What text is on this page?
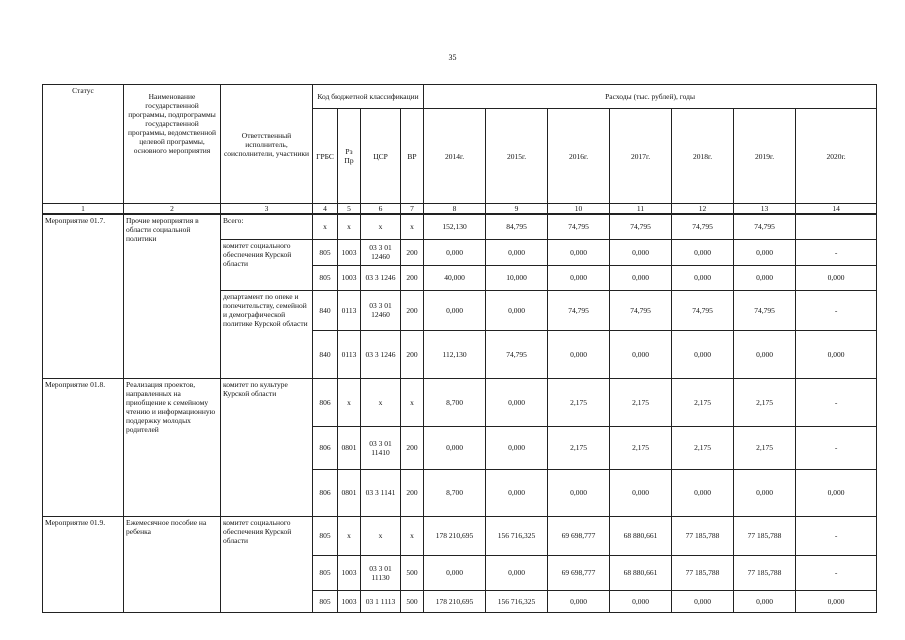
35
Статус	Наименование государственной программы, подпрограммы государственной программы, ведомственной целевой программы, основного мероприятия	Ответственный исполнитель, соисполнители, участники	Код бюджетной классификации				Расходы (тыс. рублей), годы						
			ГРБС	Рз Пр	ЦСР	ВР	2014г.	2015г.	2016г.	2017г.	2018г.	2019г.	2020г.
1	2	3	4	5	6	7	8	9	10	11	12	13	14
Мероприятие 01.7.	Прочие мероприятия в области социальной политики	Всего:	х	х	х	х	152,130	84,795	74,795	74,795	74,795	74,795	
		комитет социального обеспечения Курской области	805	1003	03 3 01 12460	200	0,000	0,000	0,000	0,000	0,000	0,000	-
			805	1003	03 3 1246	200	40,000	10,000	0,000	0,000	0,000	0,000	0,000
		департамент по опеке и попечительству, семейной и демографической политике Курской области	840	0113	03 3 01 12460	200	0,000	0,000	74,795	74,795	74,795	74,795	-
			840	0113	03 3 1246	200	112,130	74,795	0,000	0,000	0,000	0,000	0,000
Мероприятие 01.8.	Реализация проектов, направленных на приобщение к семейному чтению и информационную поддержку молодых родителей	комитет по культуре Курской области	806	х	х	х	8,700	0,000	2,175	2,175	2,175	2,175	-
			806	0801	03 3 01 11410	200	0,000	0,000	2,175	2,175	2,175	2,175	-
			806	0801	03 3 1141	200	8,700	0,000	0,000	0,000	0,000	0,000	0,000
Мероприятие 01.9.	Ежемесячное пособие на ребенка	комитет социального обеспечения Курской области	805	х	х	х	178 210,695	156 716,325	69 698,777	68 880,661	77 185,788	77 185,788	-
			805	1003	03 3 01 11130	500	0,000	0,000	69 698,777	68 880,661	77 185,788	77 185,788	-
			805	1003	03 1 1113	500	178 210,695	156 716,325	0,000	0,000	0,000	0,000	0,000
